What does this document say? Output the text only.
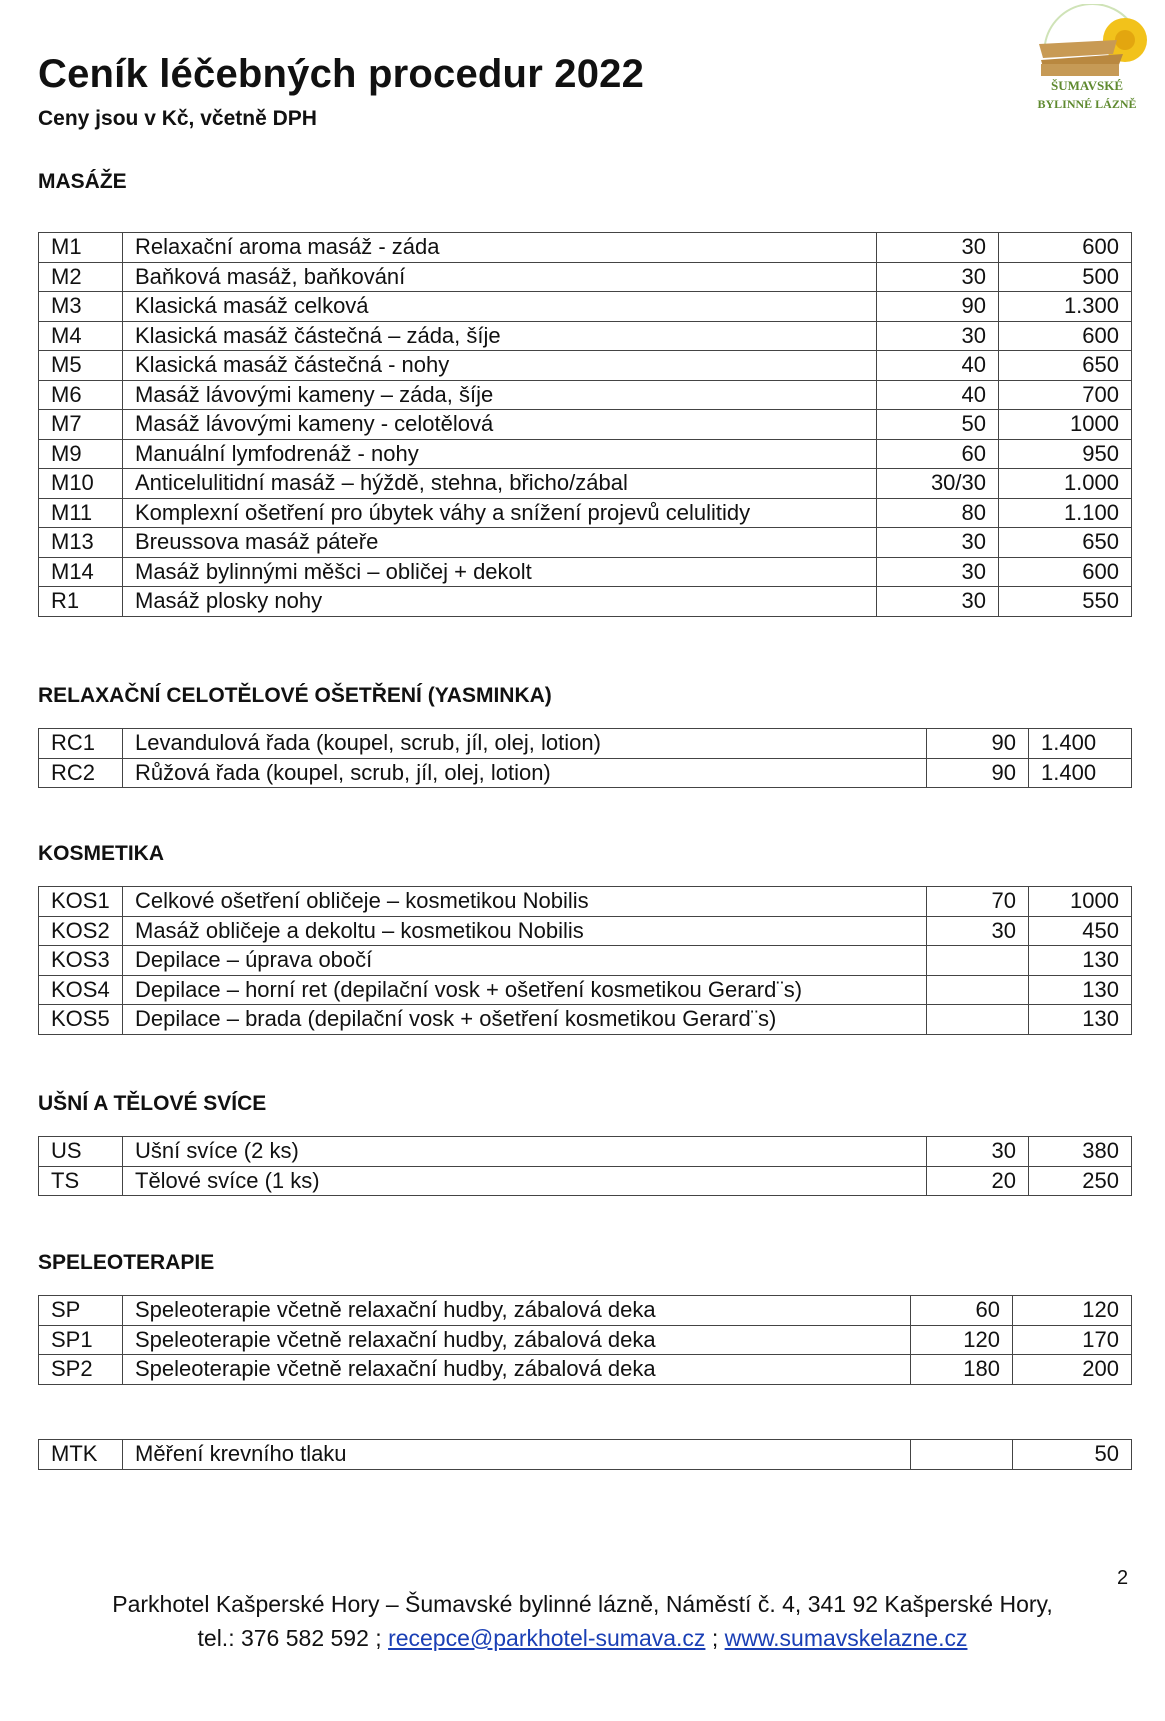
Ceník léčebných procedur 2022
Ceny jsou v Kč, včetně DPH
ŠUMAVSKÉ
BYLINNÉ LÁZNĚ
MASÁŽE
M1	Relaxační aroma masáž - záda	30	600
M2	Baňková masáž, baňkování	30	500
M3	Klasická masáž celková	90	1.300
M4	Klasická masáž částečná – záda, šíje	30	600
M5	Klasická masáž částečná - nohy	40	650
M6	Masáž lávovými kameny – záda, šíje	40	700
M7	Masáž lávovými kameny - celotělová	50	1000
M9	Manuální lymfodrenáž - nohy	60	950
M10	Anticelulitidní masáž – hýždě, stehna, břicho/zábal	30/30	1.000
M11	Komplexní ošetření pro úbytek váhy a snížení projevů celulitidy	80	1.100
M13	Breussova masáž páteře	30	650
M14	Masáž bylinnými měšci – obličej + dekolt	30	600
R1	Masáž plosky nohy	30	550
RELAXAČNÍ CELOTĚLOVÉ OŠETŘENÍ (YASMINKA)
RC1	Levandulová řada (koupel, scrub, jíl, olej, lotion)	90	1.400
RC2	Růžová řada (koupel, scrub, jíl, olej, lotion)	90	1.400
KOSMETIKA
KOS1	Celkové ošetření obličeje – kosmetikou Nobilis	70	1000
KOS2	Masáž obličeje a dekoltu – kosmetikou Nobilis	30	450
KOS3	Depilace – úprava obočí		130
KOS4	Depilace – horní ret (depilační vosk + ošetření kosmetikou Gerard¨s)		130
KOS5	Depilace – brada (depilační vosk + ošetření kosmetikou Gerard¨s)		130
UŠNÍ A TĚLOVÉ SVÍCE
US	Ušní svíce (2 ks)	30	380
TS	Tělové svíce (1 ks)	20	250
SPELEOTERAPIE
SP	Speleoterapie včetně relaxační hudby, zábalová deka	60	120
SP1	Speleoterapie včetně relaxační hudby, zábalová deka	120	170
SP2	Speleoterapie včetně relaxační hudby, zábalová deka	180	200
MTK	Měření krevního tlaku		50
2
Parkhotel Kašperské Hory – Šumavské bylinné lázně, Náměstí č. 4, 341 92 Kašperské Hory,
tel.: 376 582 592 ; recepce@parkhotel-sumava.cz ; www.sumavskelazne.cz
